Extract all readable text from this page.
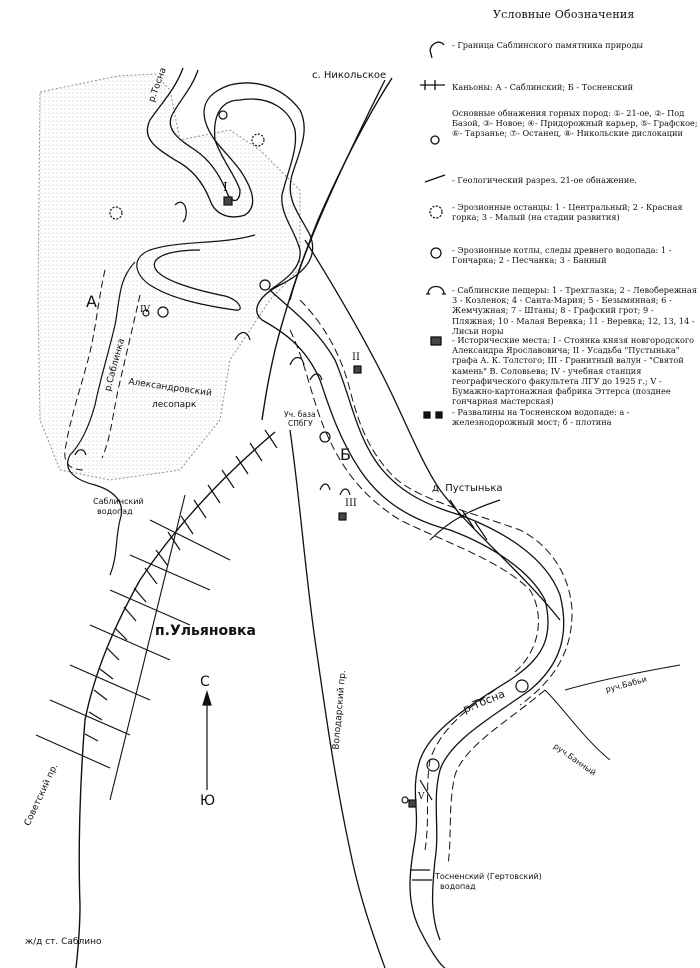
Условные Обозначения
- Граница Саблинского памятника природы
Каньоны: А - Саблинский; Б - Тосненский
Основные обнажения горных пород: ①- 21-ое, ②- Под Базой, ③- Новое; ④- Придорожный карьер, ⑤- Графское; ⑥- Тарзанье; ⑦- Останец, ⑧- Никольские дислокации
- Геологический разрез. 21-ое обнажение.
- Эрозионные останцы: 1 - Центральный; 2 - Красная горка; 3 - Малый (на стадии развития)
- Эрозионные котлы, следы древнего водопада: 1 - Гончарка; 2 - Песчанка; 3 - Банный
- Саблинские пещеры: 1 - Трехглазка; 2 - Левобережная 3 - Козленок; 4 - Санта-Мария; 5 - Безымянная; 6 - Жемчужная; 7 - Штаны; 8 - Графский грот; 9 - Пляжная; 10 - Малая Веревка; 11 - Веревка; 12, 13, 14 - Лисьи норы
- Исторические места: I - Стоянка князя новгородского Александра Ярославовича; II - Усадьба "Пустынька" графа А. К. Толстого; III - Гранитный валун - "Святой камень" В. Соловьева; IV - учебная станция географического факультета ЛГУ до 1925 г.; V - Бумажно-картонажная фабрика Эттерса (позднее гончарная мастерская)
- Развалины на Тосненском водопаде: а - железнодорожный мост; б - плотина
с. Никольское
р.Тосна
д. Пустынька
п.Ульяновка
Александровский
лесопарк
р.Саблинка
Саблинский
водопад
Тосненский (Гертовский)
водопад
Уч. база
СПбГУ
А
Б
Володарский пр.
Советский пр.
р.Тосна
руч.Банный
руч.Бабьи
ж/д ст. Саблино
С
Ю
I
II
III
IV
V
